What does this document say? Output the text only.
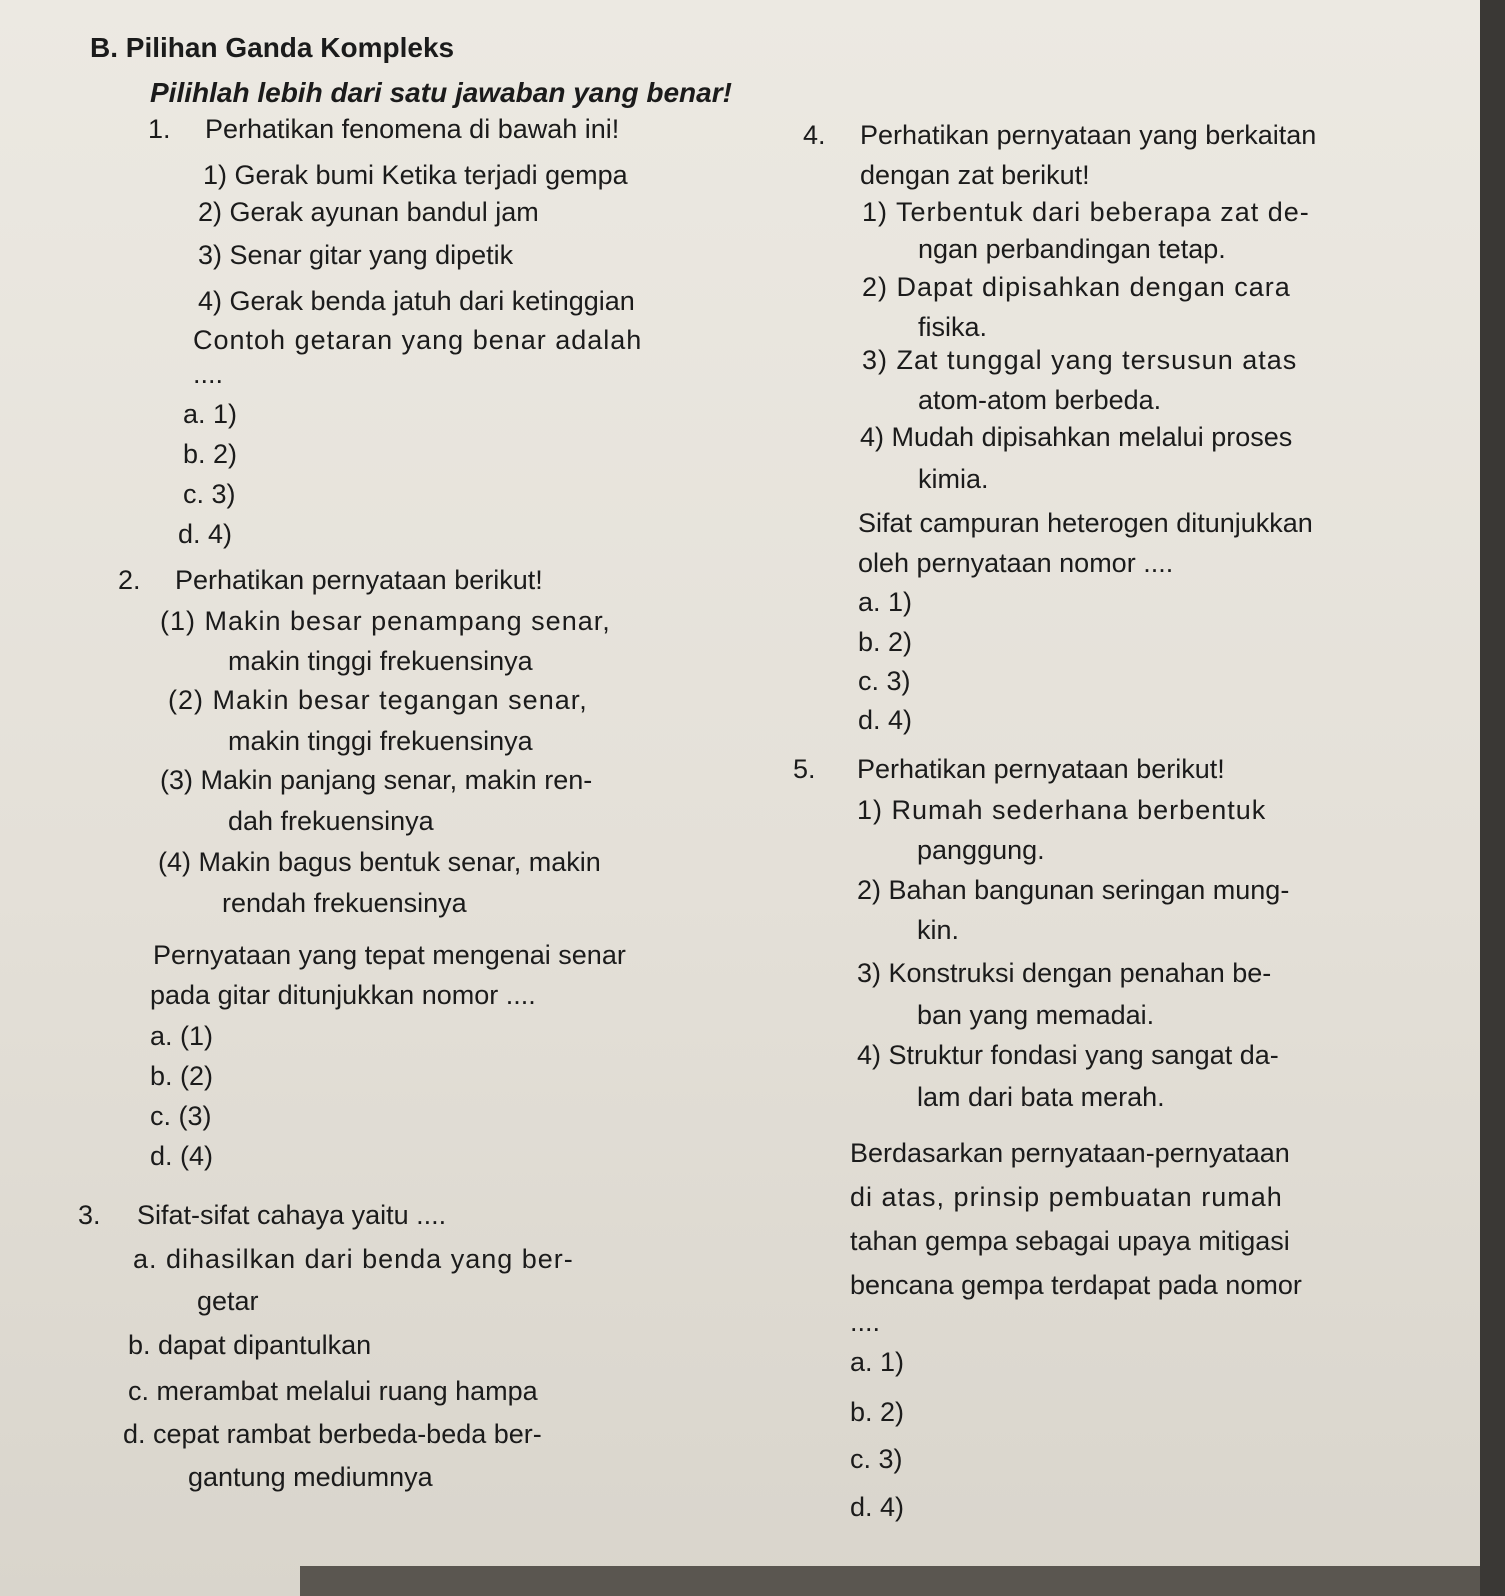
B. Pilihan Ganda Kompleks
Pilihlah lebih dari satu jawaban yang benar!
1. Perhatikan fenomena di bawah ini!
1) Gerak bumi Ketika terjadi gempa
2) Gerak ayunan bandul jam
3) Senar gitar yang dipetik
4) Gerak benda jatuh dari ketinggian
Contoh getaran yang benar adalah
....
a. 1)
b. 2)
c. 3)
d. 4)
2. Perhatikan pernyataan berikut!
(1) Makin besar penampang senar,
makin tinggi frekuensinya
(2) Makin besar tegangan senar,
makin tinggi frekuensinya
(3) Makin panjang senar, makin ren-
dah frekuensinya
(4) Makin bagus bentuk senar, makin
rendah frekuensinya
Pernyataan yang tepat mengenai senar
pada gitar ditunjukkan nomor ....
a. (1)
b. (2)
c. (3)
d. (4)
3. Sifat-sifat cahaya yaitu ....
a. dihasilkan dari benda yang ber-
getar
b. dapat dipantulkan
c. merambat melalui ruang hampa
d. cepat rambat berbeda-beda ber-
gantung mediumnya
4. Perhatikan pernyataan yang berkaitan
dengan zat berikut!
1) Terbentuk dari beberapa zat de-
ngan perbandingan tetap.
2) Dapat dipisahkan dengan cara
fisika.
3) Zat tunggal yang tersusun atas
atom-atom berbeda.
4) Mudah dipisahkan melalui proses
kimia.
Sifat campuran heterogen ditunjukkan
oleh pernyataan nomor ....
a. 1)
b. 2)
c. 3)
d. 4)
5. Perhatikan pernyataan berikut!
1) Rumah sederhana berbentuk
panggung.
2) Bahan bangunan seringan mung-
kin.
3) Konstruksi dengan penahan be-
ban yang memadai.
4) Struktur fondasi yang sangat da-
lam dari bata merah.
Berdasarkan pernyataan-pernyataan
di atas, prinsip pembuatan rumah
tahan gempa sebagai upaya mitigasi
bencana gempa terdapat pada nomor
....
a. 1)
b. 2)
c. 3)
d. 4)
